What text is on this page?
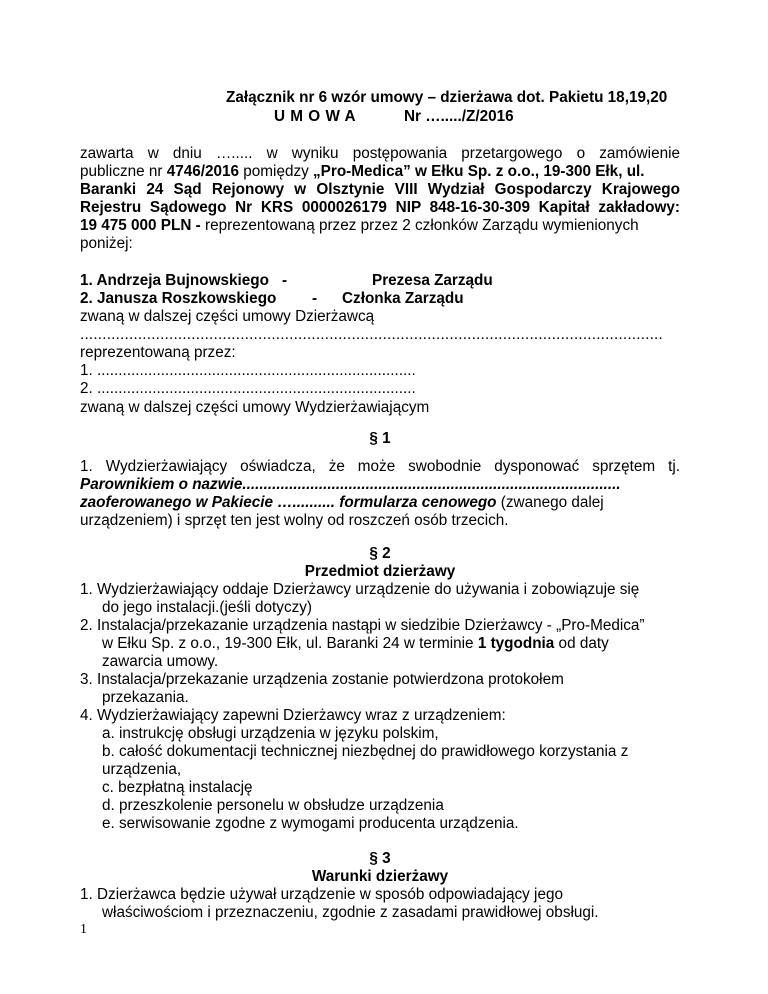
Załącznik nr 6 wzór umowy – dzierżawa dot. Pakietu 18,19,20
U M O W A	Nr …...../Z/2016
zawarta w dniu …..... w wyniku postępowania przetargowego o zamówienie
publiczne nr 4746/2016 pomiędzy „Pro-Medica” w Ełku Sp. z o.o., 19-300 Ełk, ul.
Baranki 24 Sąd Rejonowy w Olsztynie VIII Wydział Gospodarczy Krajowego
Rejestru Sądowego Nr KRS 0000026179 NIP 848-16-30-309 Kapitał zakładowy:
19 475 000 PLN - reprezentowaną przez przez 2 członków Zarządu wymienionych
poniżej:
1. Andrzeja Bujnowskiego -	Prezesa Zarządu
2. Janusza Roszkowskiego - Członka Zarządu
zwaną w dalszej części umowy Dzierżawcą
...................................................................................................................................
reprezentowaną przez:
1. ...........................................................................
2. ...........................................................................
zwaną w dalszej części umowy Wydzierżawiającym
§ 1
1. Wydzierżawiający oświadcza, że może swobodnie dysponować sprzętem tj.
Parownikiem o nazwie.........................................................................................
zaoferowanego w Pakiecie ….......... formularza cenowego (zwanego dalej
urządzeniem) i sprzęt ten jest wolny od roszczeń osób trzecich.
§ 2
Przedmiot dzierżawy
1. Wydzierżawiający oddaje Dzierżawcy urządzenie do używania i zobowiązuje się
do jego instalacji.(jeśli dotyczy)
2. Instalacja/przekazanie urządzenia nastąpi w siedzibie Dzierżawcy - „Pro-Medica”
w Ełku Sp. z o.o., 19-300 Ełk, ul. Baranki 24 w terminie 1 tygodnia od daty
zawarcia umowy.
3. Instalacja/przekazanie urządzenia zostanie potwierdzona protokołem
przekazania.
4. Wydzierżawiający zapewni Dzierżawcy wraz z urządzeniem:
a. instrukcję obsługi urządzenia w języku polskim,
b. całość dokumentacji technicznej niezbędnej do prawidłowego korzystania z
urządzenia,
c. bezpłatną instalację
d. przeszkolenie personelu w obsłudze urządzenia
e. serwisowanie zgodne z wymogami producenta urządzenia.
§ 3
Warunki dzierżawy
1. Dzierżawca będzie używał urządzenie w sposób odpowiadający jego
właściwościom i przeznaczeniu, zgodnie z zasadami prawidłowej obsługi.
1
